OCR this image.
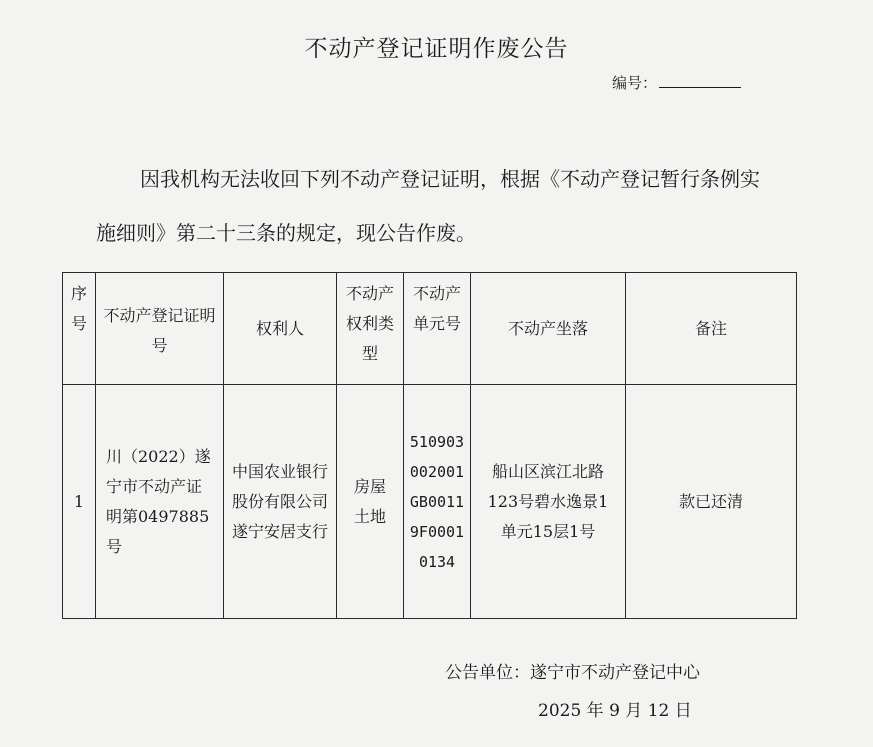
不动产登记证明作废公告
编号：
因我机构无法收回下列不动产登记证明，根据《不动产登记暂行条例实施细则》第二十三条的规定，现公告作废。
序号	不动产登记证明号	权利人	不动产权利类型	不动产单元号	不动产坐落	备注
1	川（2022）遂宁市不动产证明第0497885号	中国农业银行股份有限公司遂宁安居支行	房屋土地	510903002001GB00119F00010134	船山区滨江北路123号碧水逸景1单元15层1号	款已还清
公告单位：遂宁市不动产登记中心
2025 年 9 月 12 日
